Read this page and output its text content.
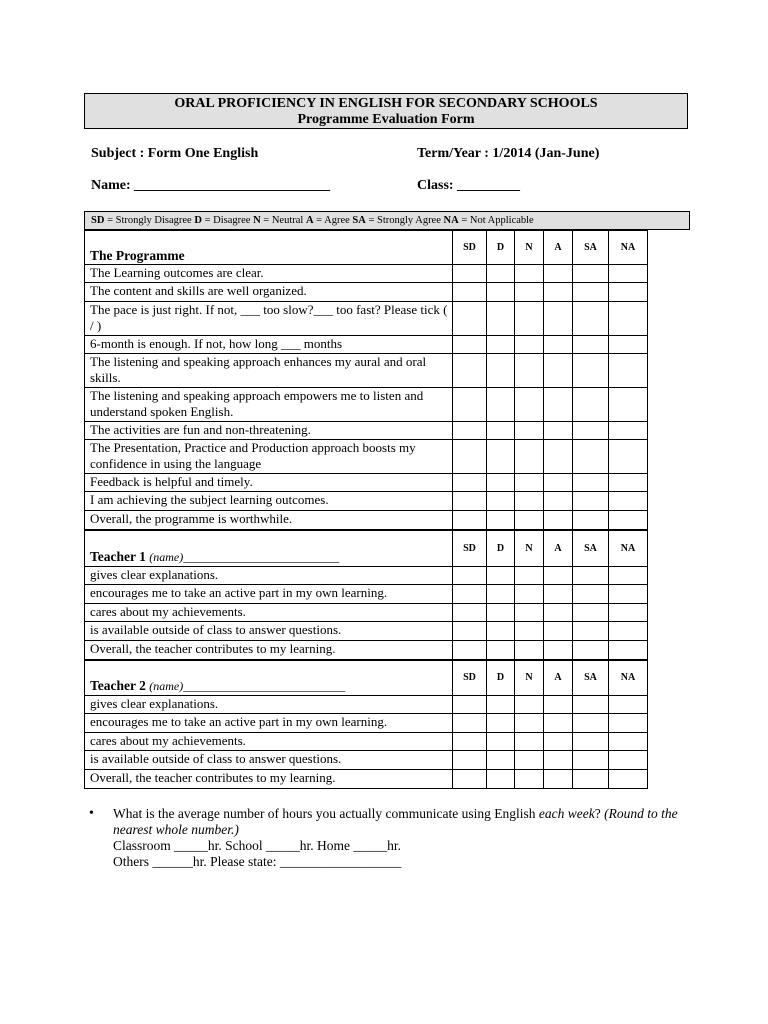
ORAL PROFICIENCY IN ENGLISH FOR SECONDARY SCHOOLS
Programme Evaluation Form
Subject : Form One English	Term/Year : 1/2014 (Jan-June)
Name: ____________________________	Class: _________
SD = Strongly Disagree D = Disagree N = Neutral A = Agree SA = Strongly Agree NA = Not Applicable
The Programme	SD	D	N	A	SA	NA
The Learning outcomes are clear.						
The content and skills are well organized.						
The pace is just right. If not, ___ too slow?___ too fast? Please tick ( / )						
6-month is enough. If not, how long ___ months						
The listening and speaking approach enhances my aural and oral skills.						
The listening and speaking approach empowers me to listen and understand spoken English.						
The activities are fun and non-threatening.						
The Presentation, Practice and Production approach boosts my confidence in using the language						
Feedback is helpful and timely.						
I am achieving the subject learning outcomes.						
Overall, the programme is worthwhile.						
Teacher 1 (name)__________________________	SD	D	N	A	SA	NA
gives clear explanations.						
encourages me to take an active part in my own learning.						
cares about my achievements.						
is available outside of class to answer questions.						
Overall, the teacher contributes to my learning.						
Teacher 2 (name)___________________________	SD	D	N	A	SA	NA
gives clear explanations.						
encourages me to take an active part in my own learning.						
cares about my achievements.						
is available outside of class to answer questions.						
Overall, the teacher contributes to my learning.						
• What is the average number of hours you actually communicate using English each week? (Round to the nearest whole number.)
Classroom _____hr. School _____hr. Home _____hr.
Others ______hr. Please state: __________________
